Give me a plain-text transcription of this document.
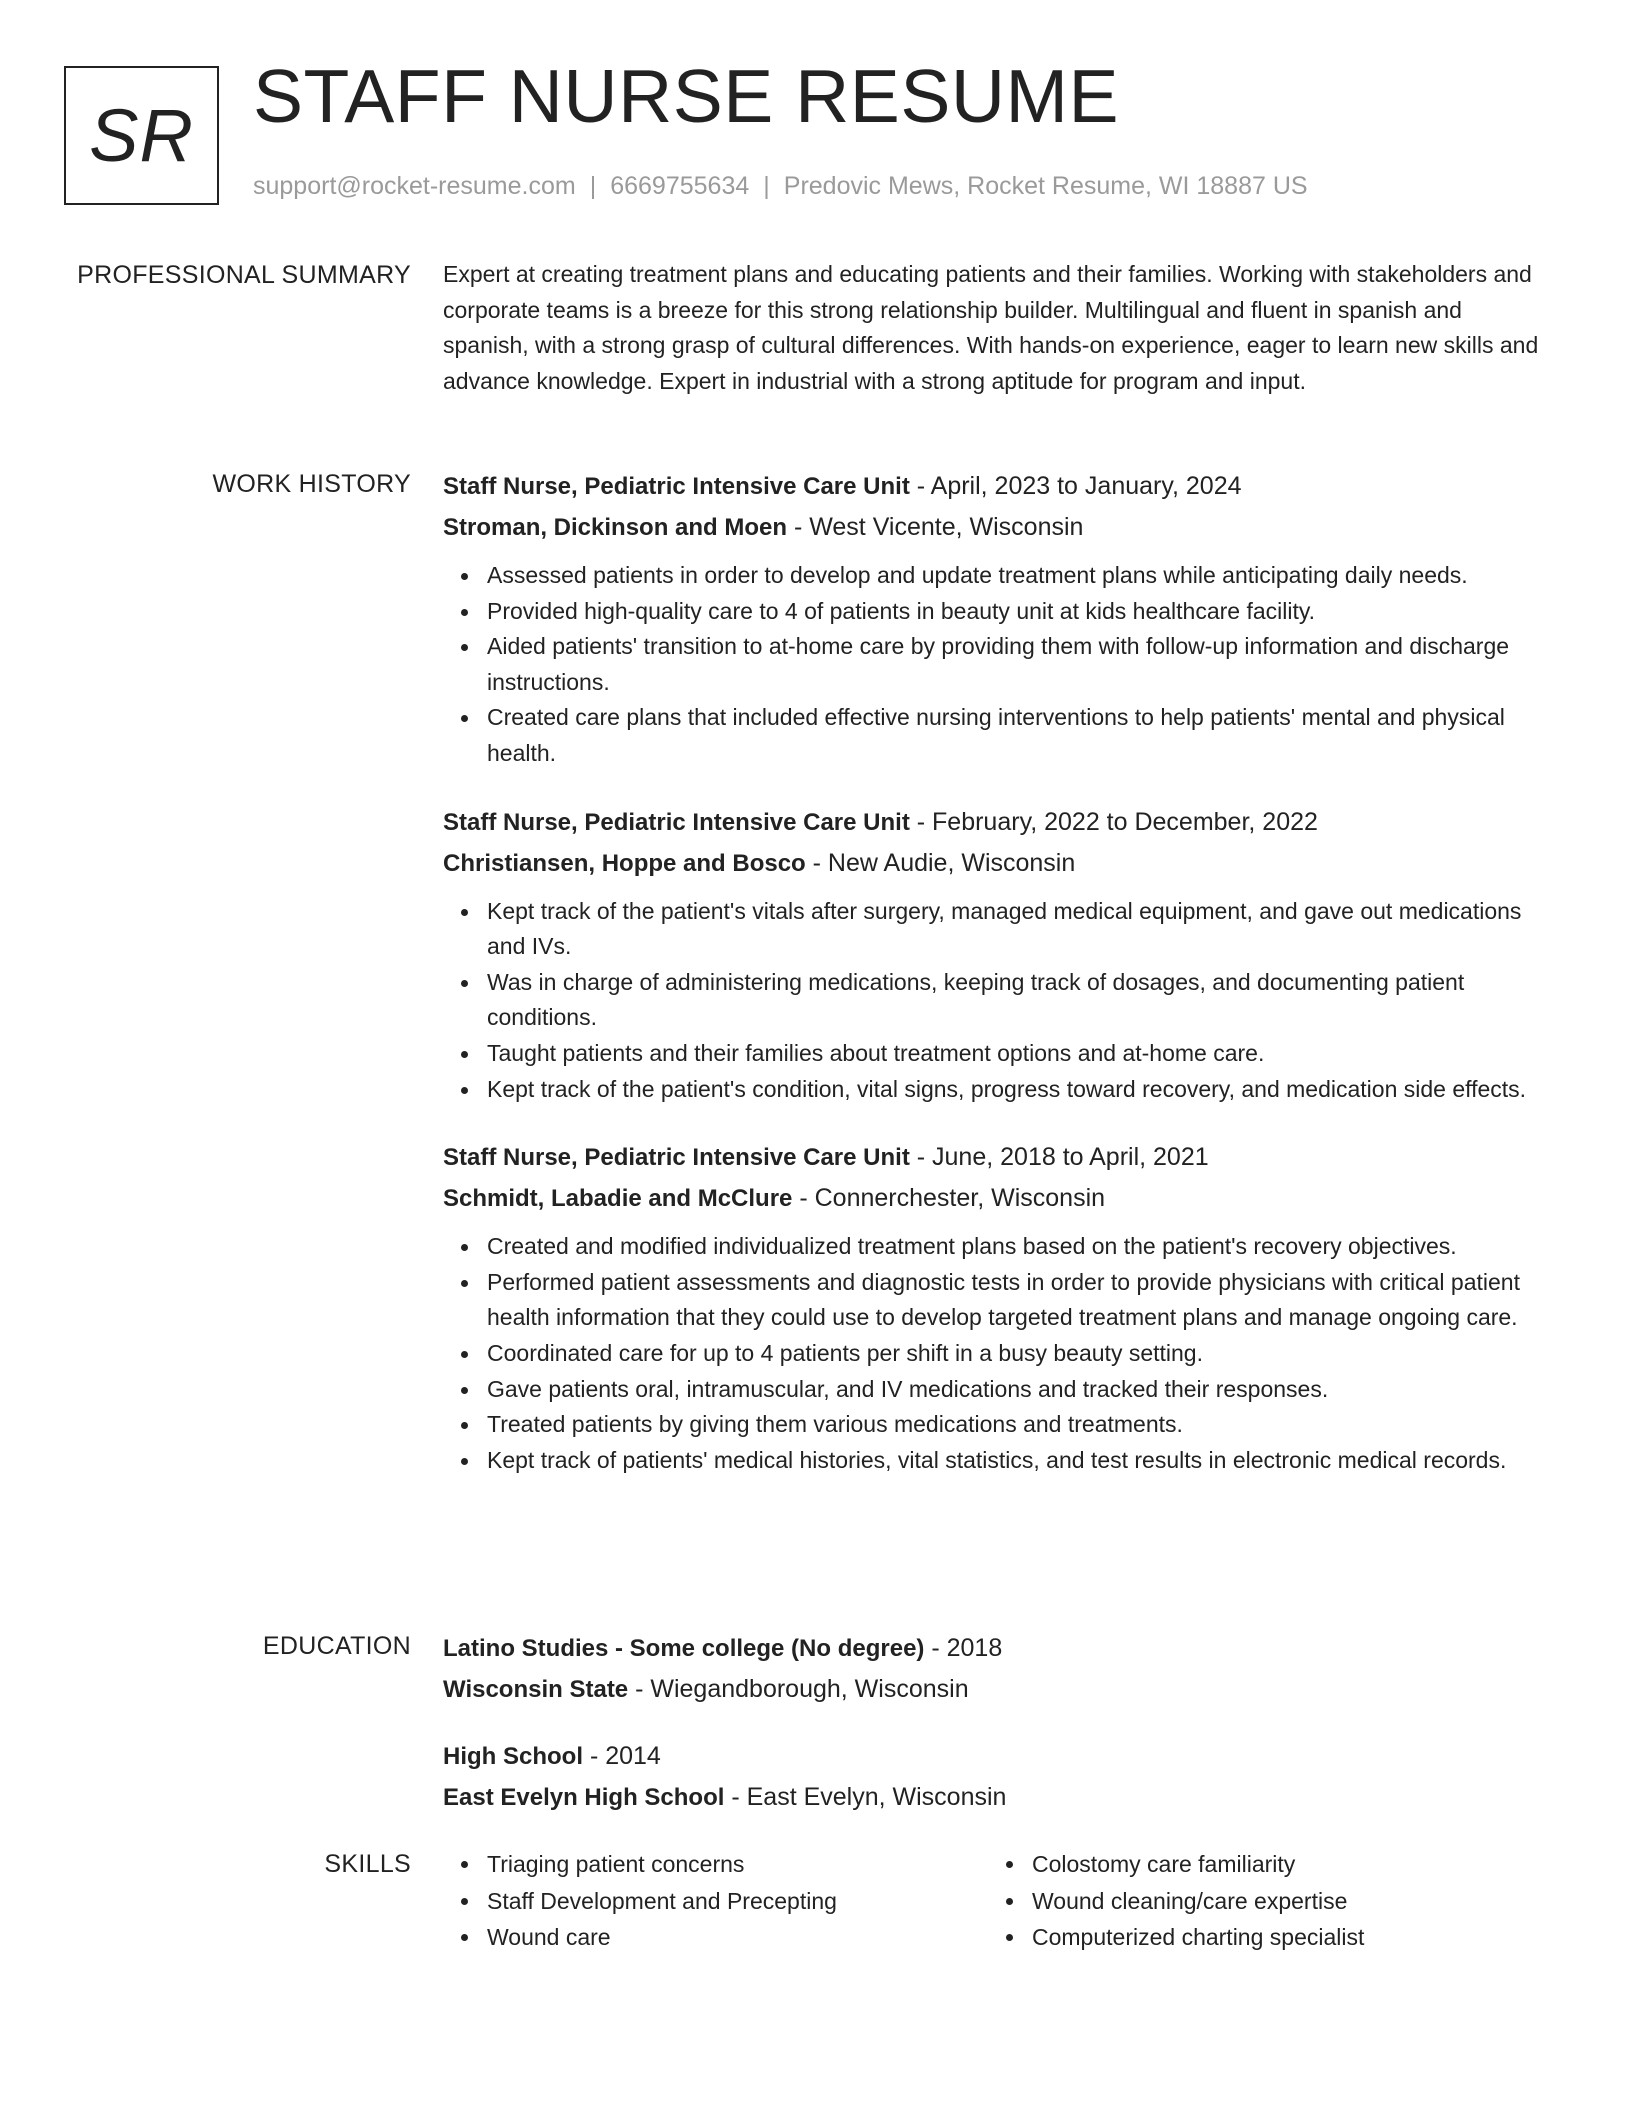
SR STAFF NURSE RESUME
support@rocket-resume.com | 6669755634 | Predovic Mews, Rocket Resume, WI 18887 US
PROFESSIONAL SUMMARY Expert at creating treatment plans and educating patients and their families. Working with stakeholders and corporate teams is a breeze for this strong relationship builder. Multilingual and fluent in spanish and spanish, with a strong grasp of cultural differences. With hands-on experience, eager to learn new skills and advance knowledge. Expert in industrial with a strong aptitude for program and input.

WORK HISTORY Staff Nurse, Pediatric Intensive Care Unit - April, 2023 to January, 2024
Stroman, Dickinson and Moen - West Vicente, Wisconsin
Assessed patients in order to develop and update treatment plans while anticipating daily needs.
Provided high-quality care to 4 of patients in beauty unit at kids healthcare facility.
Aided patients' transition to at-home care by providing them with follow-up information and discharge instructions.
Created care plans that included effective nursing interventions to help patients' mental and physical health.
Staff Nurse, Pediatric Intensive Care Unit - February, 2022 to December, 2022
Christiansen, Hoppe and Bosco - New Audie, Wisconsin
Kept track of the patient's vitals after surgery, managed medical equipment, and gave out medications and IVs.
Was in charge of administering medications, keeping track of dosages, and documenting patient conditions.
Taught patients and their families about treatment options and at-home care.
Kept track of the patient's condition, vital signs, progress toward recovery, and medication side effects.
Staff Nurse, Pediatric Intensive Care Unit - June, 2018 to April, 2021
Schmidt, Labadie and McClure - Connerchester, Wisconsin
Created and modified individualized treatment plans based on the patient's recovery objectives.
Performed patient assessments and diagnostic tests in order to provide physicians with critical patient health information that they could use to develop targeted treatment plans and manage ongoing care.
Coordinated care for up to 4 patients per shift in a busy beauty setting.
Gave patients oral, intramuscular, and IV medications and tracked their responses.
Treated patients by giving them various medications and treatments.
Kept track of patients' medical histories, vital statistics, and test results in electronic medical records.
EDUCATION Latino Studies - Some college (No degree) - 2018
Wisconsin State - Wiegandborough, Wisconsin
High School - 2014
East Evelyn High School - East Evelyn, Wisconsin
SKILLS	Triaging patient concerns
Staff Development and Precepting
Wound care
Colostomy care familiarity
Wound cleaning/care expertise
Computerized charting specialist
